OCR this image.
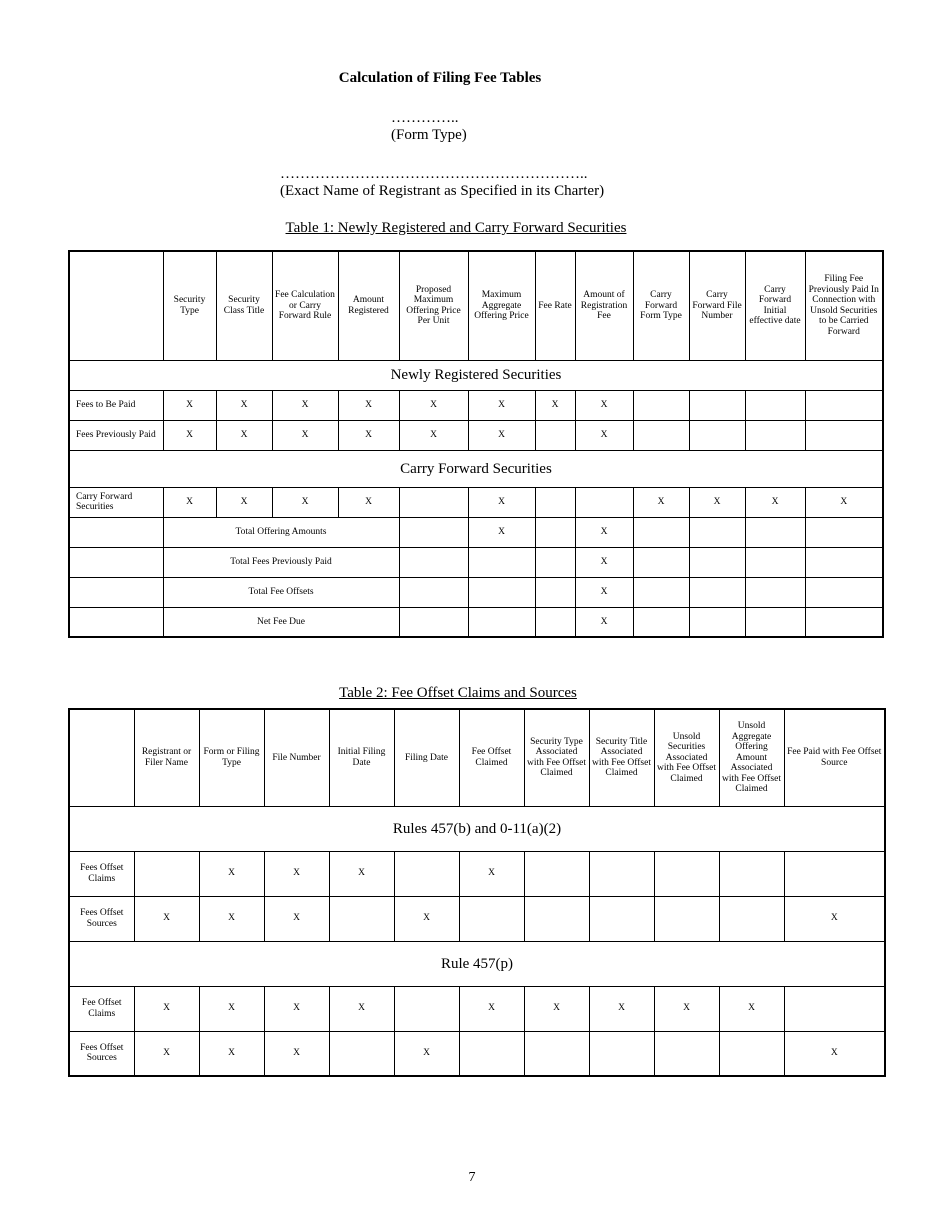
Calculation of Filing Fee Tables
…………..
(Form Type)
……………………………………………………..
(Exact Name of Registrant as Specified in its Charter)
Table 1: Newly Registered and Carry Forward Securities
	Security Type	Security Class Title	Fee Calculation or Carry Forward Rule	Amount Registered	Proposed Maximum Offering Price Per Unit	Maximum Aggregate Offering Price	Fee Rate	Amount of Registration Fee	Carry Forward Form Type	Carry Forward File Number	Carry Forward Initial effective date	Filing Fee Previously Paid In Connection with Unsold Securities to be Carried Forward
Newly Registered Securities												
Fees to Be Paid	X	X	X	X	X	X	X	X				
Fees Previously Paid	X	X	X	X	X	X		X				
Carry Forward Securities												
Carry Forward Securities	X	X	X	X		X			X	X	X	X
	Total Offering Amounts					X		X				
	Total Fees Previously Paid							X				
	Total Fee Offsets							X				
	Net Fee Due							X				
Table 2: Fee Offset Claims and Sources
	Registrant or Filer Name	Form or Filing Type	File Number	Initial Filing Date	Filing Date	Fee Offset Claimed	Security Type Associated with Fee Offset Claimed	Security Title Associated with Fee Offset Claimed	Unsold Securities Associated with Fee Offset Claimed	Unsold Aggregate Offering Amount Associated with Fee Offset Claimed	Fee Paid with Fee Offset Source
Rules 457(b) and 0-11(a)(2)											
Fees Offset Claims		X	X	X		X					
Fees Offset Sources	X	X	X		X						X
Rule 457(p)											
Fee Offset Claims	X	X	X	X		X	X	X	X	X	
Fees Offset Sources	X	X	X		X						X
7
